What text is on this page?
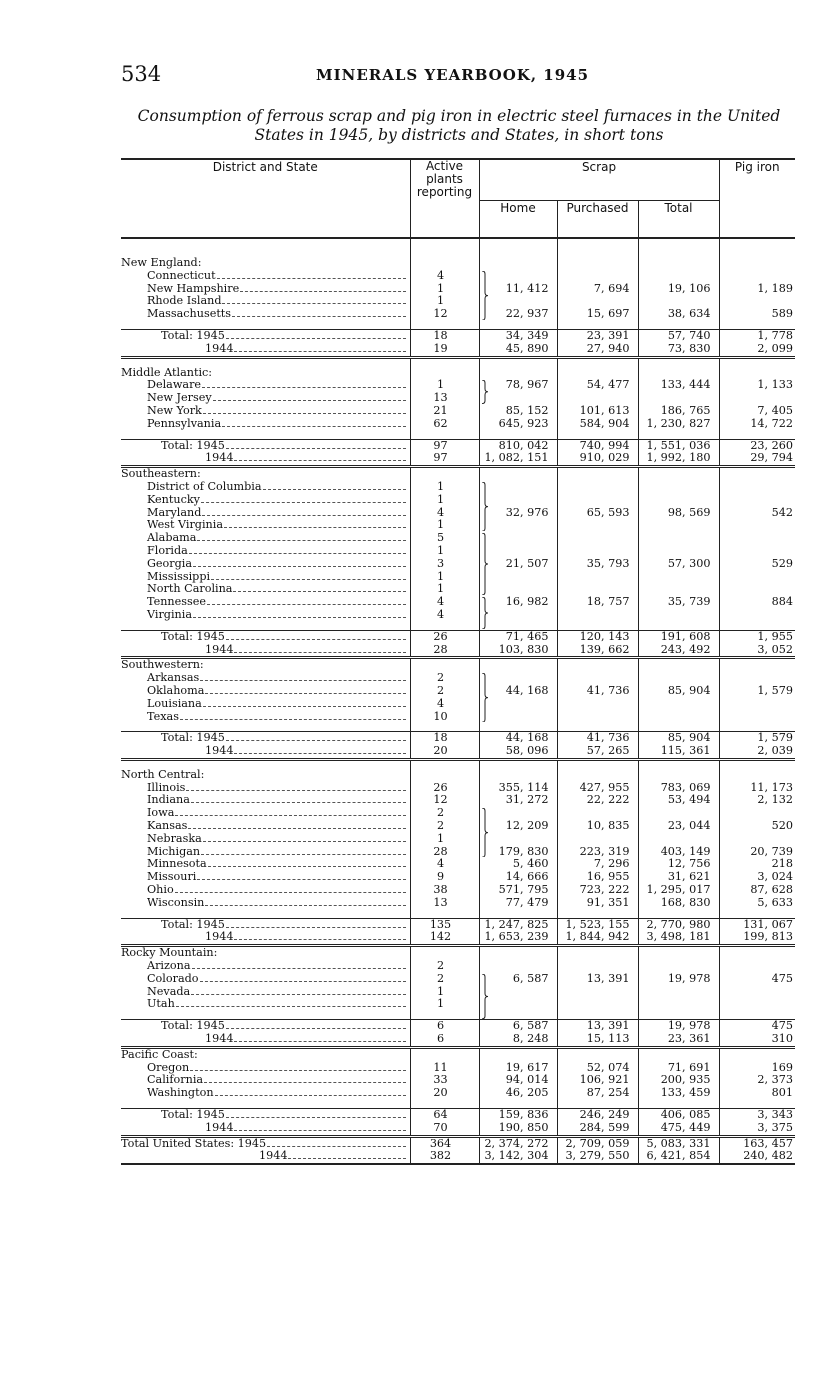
534	MINERALS YEARBOOK, 1945
Consumption of ferrous scrap and pig iron in electric steel furnaces in the United States in 1945, by districts and States, in short tons
District and State	Active plants reporting	Scrap			Pig iron
		Home	Purchased	Total	

New England:					

Connecticut	4				

New Hampshire	1	11, 412	7, 694	19, 106	1, 189

Rhode Island	1				

Massachusetts	12	22, 937	15, 697	38, 634	589

Total: 1945	18	34, 349	23, 391	57, 740	1, 778

1944	19	45, 890	27, 940	73, 830	2, 099

Middle Atlantic:					

Delaware	1	78, 967	54, 477	133, 444	1, 133

New Jersey	13				

New York	21	85, 152	101, 613	186, 765	7, 405

Pennsylvania	62	645, 923	584, 904	1, 230, 827	14, 722

Total: 1945	97	810, 042	740, 994	1, 551, 036	23, 260

1944	97	1, 082, 151	910, 029	1, 992, 180	29, 794

Southeastern:					

District of Columbia	1				

Kentucky	1				

Maryland	4	32, 976	65, 593	98, 569	542

West Virginia	1				

Alabama	5				

Florida	1				

Georgia	3	21, 507	35, 793	57, 300	529

Mississippi	1				

North Carolina	1				

Tennessee	4	16, 982	18, 757	35, 739	884

Virginia	4				

Total: 1945	26	71, 465	120, 143	191, 608	1, 955

1944	28	103, 830	139, 662	243, 492	3, 052

Southwestern:					

Arkansas	2				

Oklahoma	2	44, 168	41, 736	85, 904	1, 579

Louisiana	4				

Texas	10				

Total: 1945	18	44, 168	41, 736	85, 904	1, 579

1944	20	58, 096	57, 265	115, 361	2, 039

North Central:					

Illinois	26	355, 114	427, 955	783, 069	11, 173

Indiana	12	31, 272	22, 222	53, 494	2, 132

Iowa	2				

Kansas	2	12, 209	10, 835	23, 044	520

Nebraska	1				

Michigan	28	179, 830	223, 319	403, 149	20, 739

Minnesota	4	5, 460	7, 296	12, 756	218

Missouri	9	14, 666	16, 955	31, 621	3, 024

Ohio	38	571, 795	723, 222	1, 295, 017	87, 628

Wisconsin	13	77, 479	91, 351	168, 830	5, 633

Total: 1945	135	1, 247, 825	1, 523, 155	2, 770, 980	131, 067

1944	142	1, 653, 239	1, 844, 942	3, 498, 181	199, 813

Rocky Mountain:					

Arizona	2				

Colorado	2	6, 587	13, 391	19, 978	475

Nevada	1				

Utah	1				

Total: 1945	6	6, 587	13, 391	19, 978	475

1944	6	8, 248	15, 113	23, 361	310

Pacific Coast:					

Oregon	11	19, 617	52, 074	71, 691	169

California	33	94, 014	106, 921	200, 935	2, 373

Washington	20	46, 205	87, 254	133, 459	801

Total: 1945	64	159, 836	246, 249	406, 085	3, 343

1944	70	190, 850	284, 599	475, 449	3, 375

Total United States: 1945	364	2, 374, 272	2, 709, 059	5, 083, 331	163, 457

1944	382	3, 142, 304	3, 279, 550	6, 421, 854	240, 482
